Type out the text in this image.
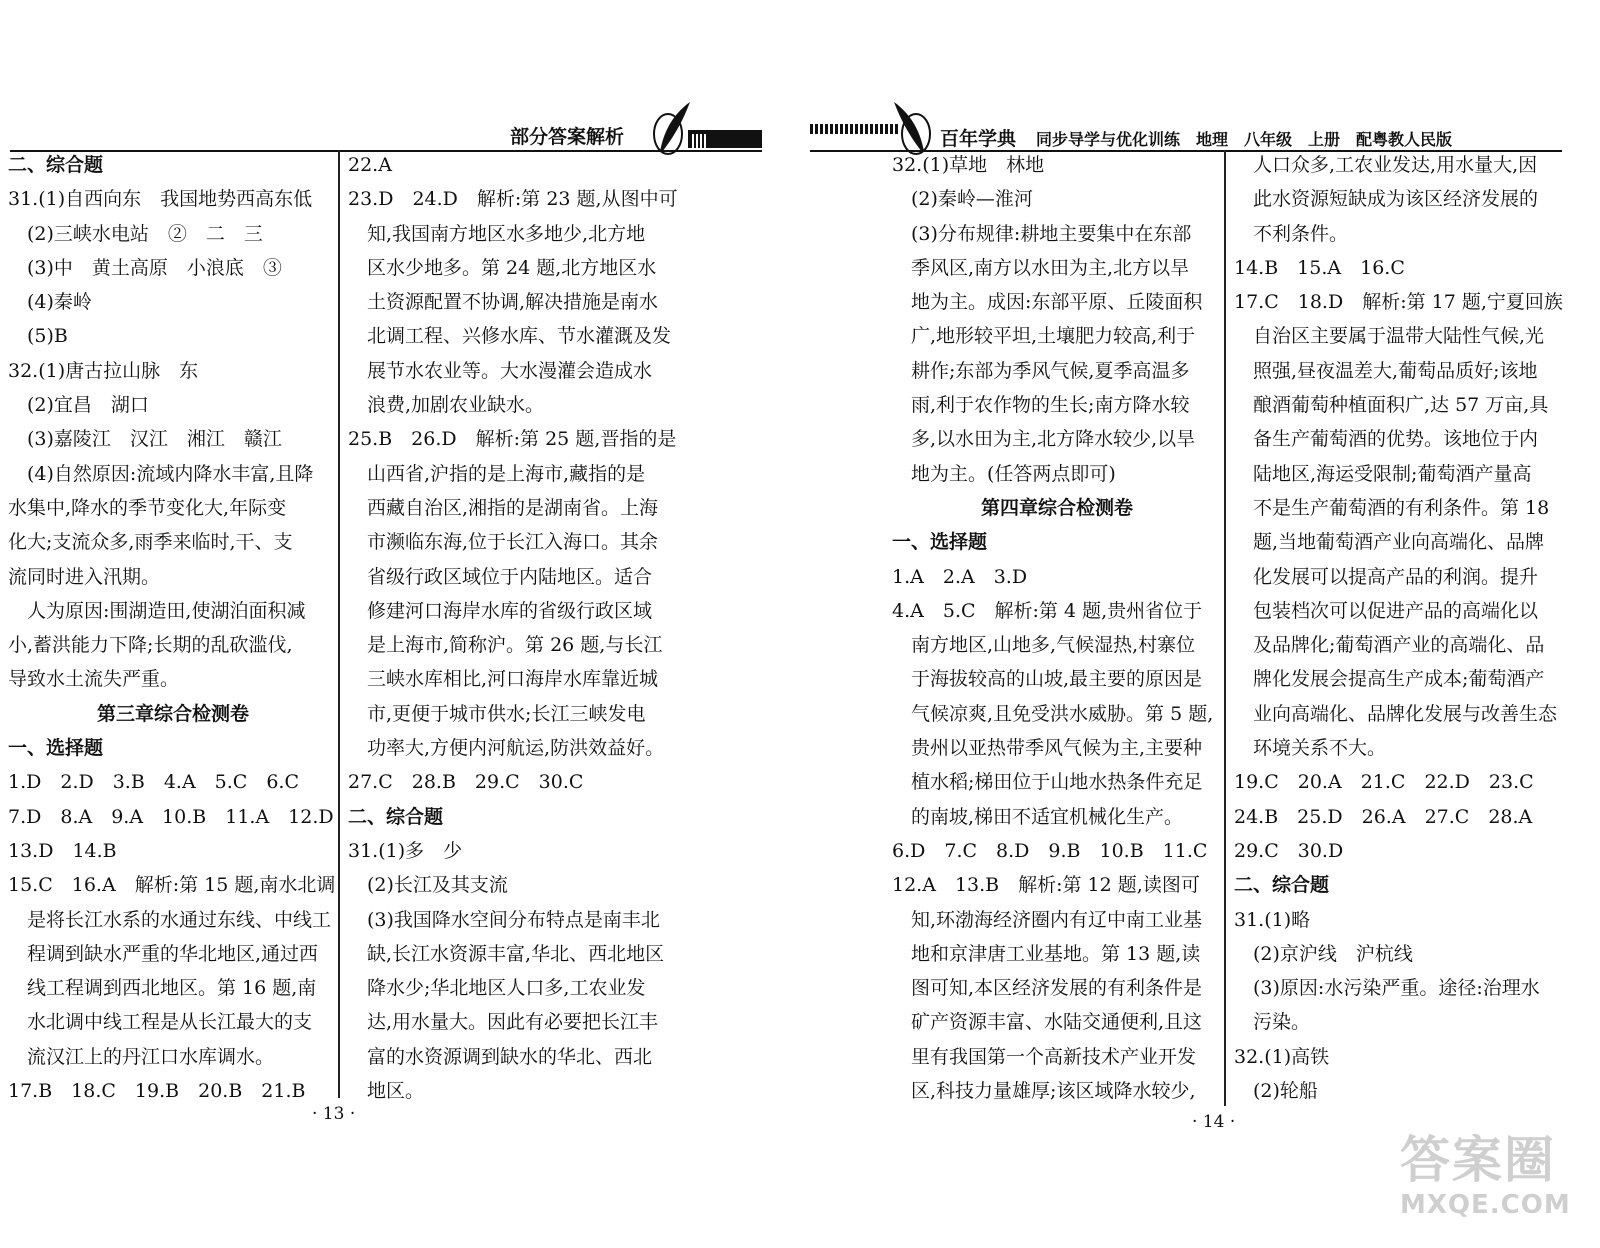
部分答案解析

二、综合题

31.(1)自西向东　我国地势西高东低

　(2)三峡水电站　②　二　三

　(3)中　黄土高原　小浪底　③

　(4)秦岭

　(5)B

32.(1)唐古拉山脉　东

　(2)宜昌　湖口

　(3)嘉陵江　汉江　湘江　赣江

　(4)自然原因:流域内降水丰富,且降

水集中,降水的季节变化大,年际变

化大;支流众多,雨季来临时,干、支

流同时进入汛期。

　人为原因:围湖造田,使湖泊面积减

小,蓄洪能力下降;长期的乱砍滥伐,

导致水土流失严重。

第三章综合检测卷

一、选择题

1.D　2.D　3.B　4.A　5.C　6.C

7.D　8.A　9.A　10.B　11.A　12.D

13.D　14.B

15.C　16.A　解析:第 15 题,南水北调

　是将长江水系的水通过东线、中线工

　程调到缺水严重的华北地区,通过西

　线工程调到西北地区。第 16 题,南

　水北调中线工程是从长江最大的支

　流汉江上的丹江口水库调水。

17.B　18.C　19.B　20.B　21.B

22.A

23.D　24.D　解析:第 23 题,从图中可

　知,我国南方地区水多地少,北方地

　区水少地多。第 24 题,北方地区水

　土资源配置不协调,解决措施是南水

　北调工程、兴修水库、节水灌溉及发

　展节水农业等。大水漫灌会造成水

　浪费,加剧农业缺水。

25.B　26.D　解析:第 25 题,晋指的是

　山西省,沪指的是上海市,藏指的是

　西藏自治区,湘指的是湖南省。上海

　市濒临东海,位于长江入海口。其余

　省级行政区域位于内陆地区。适合

　修建河口海岸水库的省级行政区域

　是上海市,简称沪。第 26 题,与长江

　三峡水库相比,河口海岸水库靠近城

　市,更便于城市供水;长江三峡发电

　功率大,方便内河航运,防洪效益好。

27.C　28.B　29.C　30.C

二、综合题

31.(1)多　少

　(2)长江及其支流

　(3)我国降水空间分布特点是南丰北

　缺,长江水资源丰富,华北、西北地区

　降水少;华北地区人口多,工农业发

　达,用水量大。因此有必要把长江丰

　富的水资源调到缺水的华北、西北

　地区。

· 13 ·
百年学典 同步导学与优化训练　地理　八年级　上册　配粤教人民版

32.(1)草地　林地

　(2)秦岭—淮河

　(3)分布规律:耕地主要集中在东部

　季风区,南方以水田为主,北方以旱

　地为主。成因:东部平原、丘陵面积

　广,地形较平坦,土壤肥力较高,利于

　耕作;东部为季风气候,夏季高温多

　雨,利于农作物的生长;南方降水较

　多,以水田为主,北方降水较少,以旱

　地为主。(任答两点即可)

第四章综合检测卷

一、选择题

1.A　2.A　3.D

4.A　5.C　解析:第 4 题,贵州省位于

　南方地区,山地多,气候湿热,村寨位

　于海拔较高的山坡,最主要的原因是

　气候凉爽,且免受洪水威胁。第 5 题,

　贵州以亚热带季风气候为主,主要种

　植水稻;梯田位于山地水热条件充足

　的南坡,梯田不适宜机械化生产。

6.D　7.C　8.D　9.B　10.B　11.C

12.A　13.B　解析:第 12 题,读图可

　知,环渤海经济圈内有辽中南工业基

　地和京津唐工业基地。第 13 题,读

　图可知,本区经济发展的有利条件是

　矿产资源丰富、水陆交通便利,且这

　里有我国第一个高新技术产业开发

　区,科技力量雄厚;该区域降水较少,

　人口众多,工农业发达,用水量大,因

　此水资源短缺成为该区经济发展的

　不利条件。

14.B　15.A　16.C

17.C　18.D　解析:第 17 题,宁夏回族

　自治区主要属于温带大陆性气候,光

　照强,昼夜温差大,葡萄品质好;该地

　酿酒葡萄种植面积广,达 57 万亩,具

　备生产葡萄酒的优势。该地位于内

　陆地区,海运受限制;葡萄酒产量高

　不是生产葡萄酒的有利条件。第 18

　题,当地葡萄酒产业向高端化、品牌

　化发展可以提高产品的利润。提升

　包装档次可以促进产品的高端化以

　及品牌化;葡萄酒产业的高端化、品

　牌化发展会提高生产成本;葡萄酒产

　业向高端化、品牌化发展与改善生态

　环境关系不大。

19.C　20.A　21.C　22.D　23.C

24.B　25.D　26.A　27.C　28.A

29.C　30.D

二、综合题

31.(1)略

　(2)京沪线　沪杭线

　(3)原因:水污染严重。途径:治理水

　污染。

32.(1)高铁

　(2)轮船

· 14 ·
答案圈
MXQE.COM
